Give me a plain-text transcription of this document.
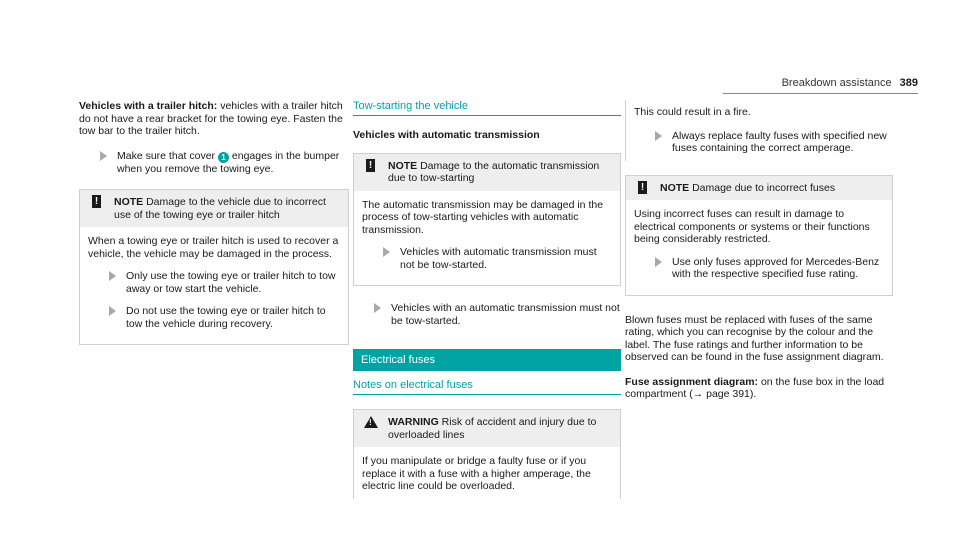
Breakdown assistance 389

Vehicles with a trailer hitch: vehicles with a trailer hitch do not have a rear bracket for the towing eye. Fasten the tow bar to the trailer hitch.

Make sure that cover 1 engages in the bumper when you remove the towing eye.
! NOTE Damage to the vehicle due to incorrect use of the towing eye or trailer hitch

When a towing eye or trailer hitch is used to recover a vehicle, the vehicle may be damaged in the process.

Only use the towing eye or trailer hitch to tow away or tow start the vehicle.
Do not use the towing eye or trailer hitch to tow the vehicle during recovery.
Tow-starting the vehicle
Vehicles with automatic transmission
! NOTE Damage to the automatic transmission due to tow-starting

The automatic transmission may be damaged in the process of tow-starting vehicles with automatic transmission.

Vehicles with automatic transmission must not be tow-started.
Vehicles with an automatic transmission must not be tow-started.
Electrical fuses
Notes on electrical fuses
! WARNING Risk of accident and injury due to overloaded lines

If you manipulate or bridge a faulty fuse or if you replace it with a fuse with a higher amperage, the electric line could be overloaded.

This could result in a fire.

Always replace faulty fuses with specified new fuses containing the correct amperage.
! NOTE Damage due to incorrect fuses

Using incorrect fuses can result in damage to electrical components or systems or their functions being considerably restricted.

Use only fuses approved for Mercedes-Benz with the respective specified fuse rating.

Blown fuses must be replaced with fuses of the same rating, which you can recognise by the colour and the label. The fuse ratings and further information to be observed can be found in the fuse assignment diagram.

Fuse assignment diagram: on the fuse box in the load compartment (→ page 391).
